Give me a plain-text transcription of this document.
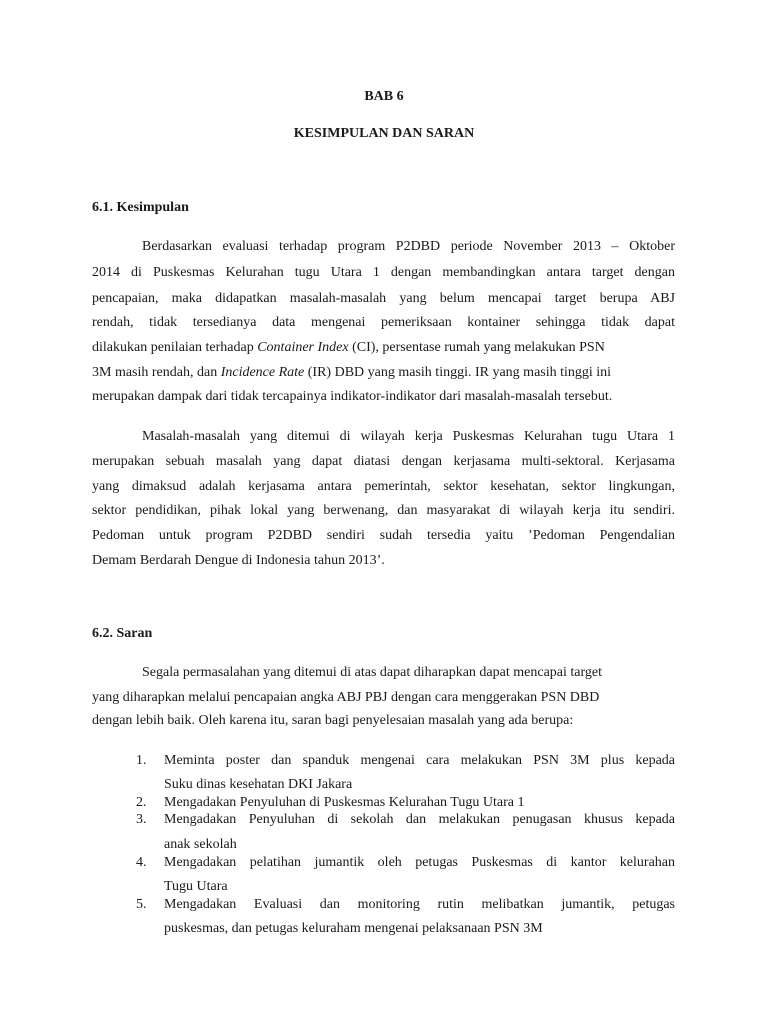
BAB 6
KESIMPULAN DAN SARAN
6.1. Kesimpulan
Berdasarkan evaluasi terhadap program P2DBD periode November 2013 – Oktober
2014 di Puskesmas Kelurahan tugu Utara 1 dengan membandingkan antara target dengan
pencapaian, maka didapatkan masalah-masalah yang belum mencapai target berupa ABJ
rendah, tidak tersedianya data mengenai pemeriksaan kontainer sehingga tidak dapat
dilakukan penilaian terhadap Container Index (CI), persentase rumah yang melakukan PSN
3M masih rendah, dan Incidence Rate (IR) DBD yang masih tinggi. IR yang masih tinggi ini
merupakan dampak dari tidak tercapainya indikator-indikator dari masalah-masalah tersebut.
Masalah-masalah yang ditemui di wilayah kerja Puskesmas Kelurahan tugu Utara 1
merupakan sebuah masalah yang dapat diatasi dengan kerjasama multi-sektoral. Kerjasama
yang dimaksud adalah kerjasama antara pemerintah, sektor kesehatan, sektor lingkungan,
sektor pendidikan, pihak lokal yang berwenang, dan masyarakat di wilayah kerja itu sendiri.
Pedoman untuk program P2DBD sendiri sudah tersedia yaitu ’Pedoman Pengendalian
Demam Berdarah Dengue di Indonesia tahun 2013’.
6.2. Saran
Segala permasalahan yang ditemui di atas dapat diharapkan dapat mencapai target
yang diharapkan melalui pencapaian angka ABJ PBJ dengan cara menggerakan PSN DBD
dengan lebih baik. Oleh karena itu, saran bagi penyelesaian masalah yang ada berupa:
1. Meminta poster dan spanduk mengenai cara melakukan PSN 3M plus kepada
Suku dinas kesehatan DKI Jakara
2. Mengadakan Penyuluhan di Puskesmas Kelurahan Tugu Utara 1
3. Mengadakan Penyuluhan di sekolah dan melakukan penugasan khusus kepada
anak sekolah
4. Mengadakan pelatihan jumantik oleh petugas Puskesmas di kantor kelurahan
Tugu Utara
5. Mengadakan Evaluasi dan monitoring rutin melibatkan jumantik, petugas
puskesmas, dan petugas keluraham mengenai pelaksanaan PSN 3M
